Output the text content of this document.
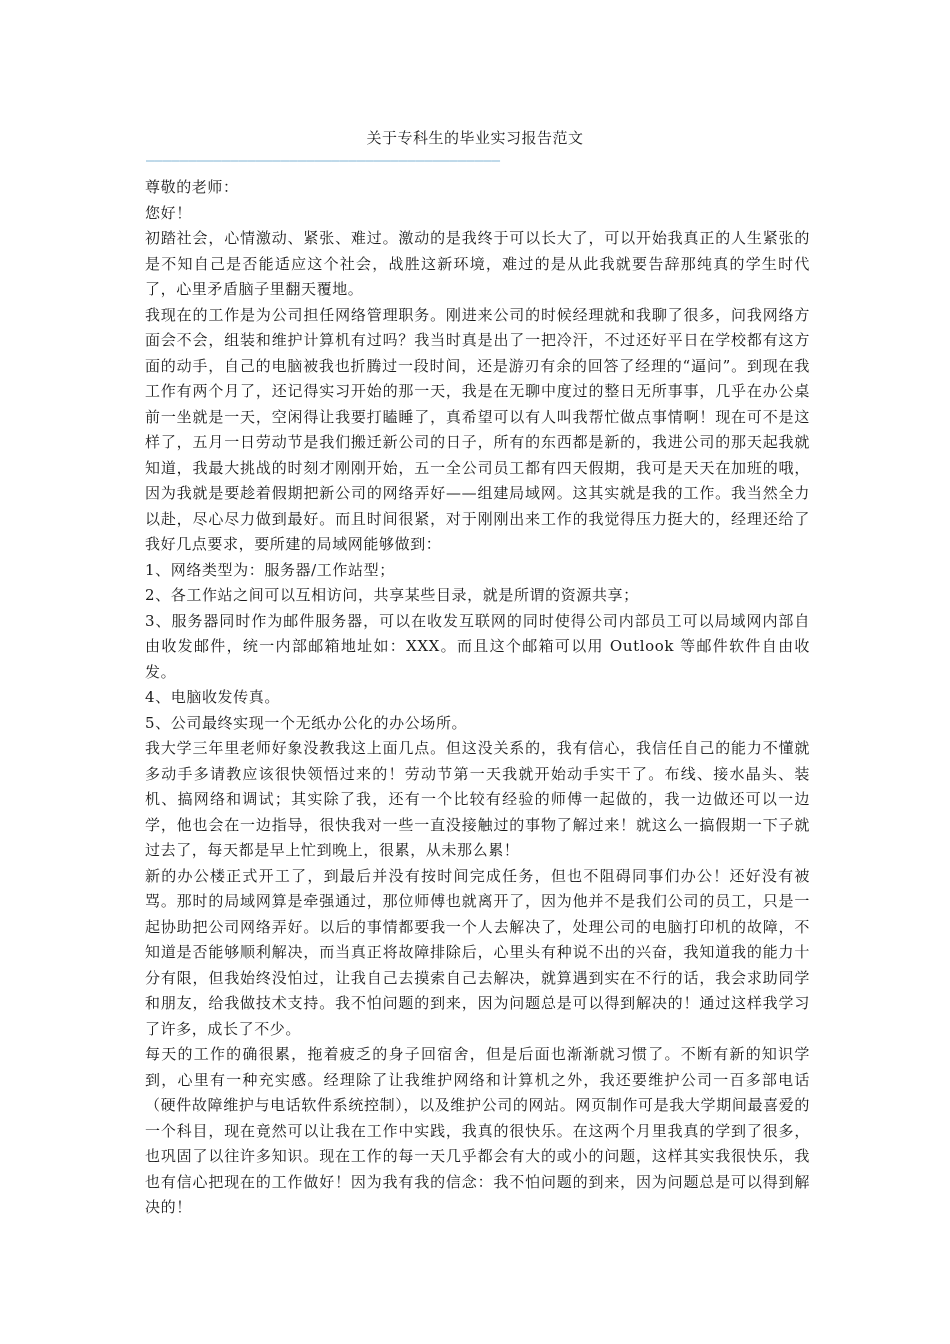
关于专科生的毕业实习报告范文
——————————————————————————————————————————

尊敬的老师：

您好！

初踏社会，心情激动、紧张、难过。激动的是我终于可以长大了，可以开始我真正的人生紧张的是不知自己是否能适应这个社会，战胜这新环境，难过的是从此我就要告辞那纯真的学生时代了，心里矛盾脑子里翻天覆地。

我现在的工作是为公司担任网络管理职务。刚进来公司的时候经理就和我聊了很多，问我网络方面会不会，组装和维护计算机有过吗？我当时真是出了一把冷汗，不过还好平日在学校都有这方面的动手，自己的电脑被我也折腾过一段时间，还是游刃有余的回答了经理的“逼问”。到现在我工作有两个月了，还记得实习开始的那一天，我是在无聊中度过的整日无所事事，几乎在办公桌前一坐就是一天，空闲得让我要打瞌睡了，真希望可以有人叫我帮忙做点事情啊！现在可不是这样了，五月一日劳动节是我们搬迁新公司的日子，所有的东西都是新的，我进公司的那天起我就知道，我最大挑战的时刻才刚刚开始，五一全公司员工都有四天假期，我可是天天在加班的哦，因为我就是要趁着假期把新公司的网络弄好——组建局域网。这其实就是我的工作。我当然全力以赴，尽心尽力做到最好。而且时间很紧，对于刚刚出来工作的我觉得压力挺大的，经理还给了我好几点要求，要所建的局域网能够做到：

1、网络类型为：服务器/工作站型；

2、各工作站之间可以互相访问，共享某些目录，就是所谓的资源共享；

3、服务器同时作为邮件服务器，可以在收发互联网的同时使得公司内部员工可以局域网内部自由收发邮件，统一内部邮箱地址如：XXX。而且这个邮箱可以用 Outlook 等邮件软件自由收发。

4、电脑收发传真。

5、公司最终实现一个无纸办公化的办公场所。

我大学三年里老师好象没教我这上面几点。但这没关系的，我有信心，我信任自己的能力不懂就多动手多请教应该很快领悟过来的！劳动节第一天我就开始动手实干了。布线、接水晶头、装机、搞网络和调试；其实除了我，还有一个比较有经验的师傅一起做的，我一边做还可以一边学，他也会在一边指导，很快我对一些一直没接触过的事物了解过来！就这么一搞假期一下子就过去了，每天都是早上忙到晚上，很累，从未那么累！

新的办公楼正式开工了，到最后并没有按时间完成任务，但也不阻碍同事们办公！还好没有被骂。那时的局域网算是牵强通过，那位师傅也就离开了，因为他并不是我们公司的员工，只是一起协助把公司网络弄好。以后的事情都要我一个人去解决了，处理公司的电脑打印机的故障，不知道是否能够顺利解决，而当真正将故障排除后，心里头有种说不出的兴奋，我知道我的能力十分有限，但我始终没怕过，让我自己去摸索自己去解决，就算遇到实在不行的话，我会求助同学和朋友，给我做技术支持。我不怕问题的到来，因为问题总是可以得到解决的！通过这样我学习了许多，成长了不少。

每天的工作的确很累，拖着疲乏的身子回宿舍，但是后面也渐渐就习惯了。不断有新的知识学到，心里有一种充实感。经理除了让我维护网络和计算机之外，我还要维护公司一百多部电话（硬件故障维护与电话软件系统控制），以及维护公司的网站。网页制作可是我大学期间最喜爱的一个科目，现在竟然可以让我在工作中实践，我真的很快乐。在这两个月里我真的学到了很多，也巩固了以往许多知识。现在工作的每一天几乎都会有大的或小的问题，这样其实我很快乐，我也有信心把现在的工作做好！因为我有我的信念：我不怕问题的到来，因为问题总是可以得到解决的！
